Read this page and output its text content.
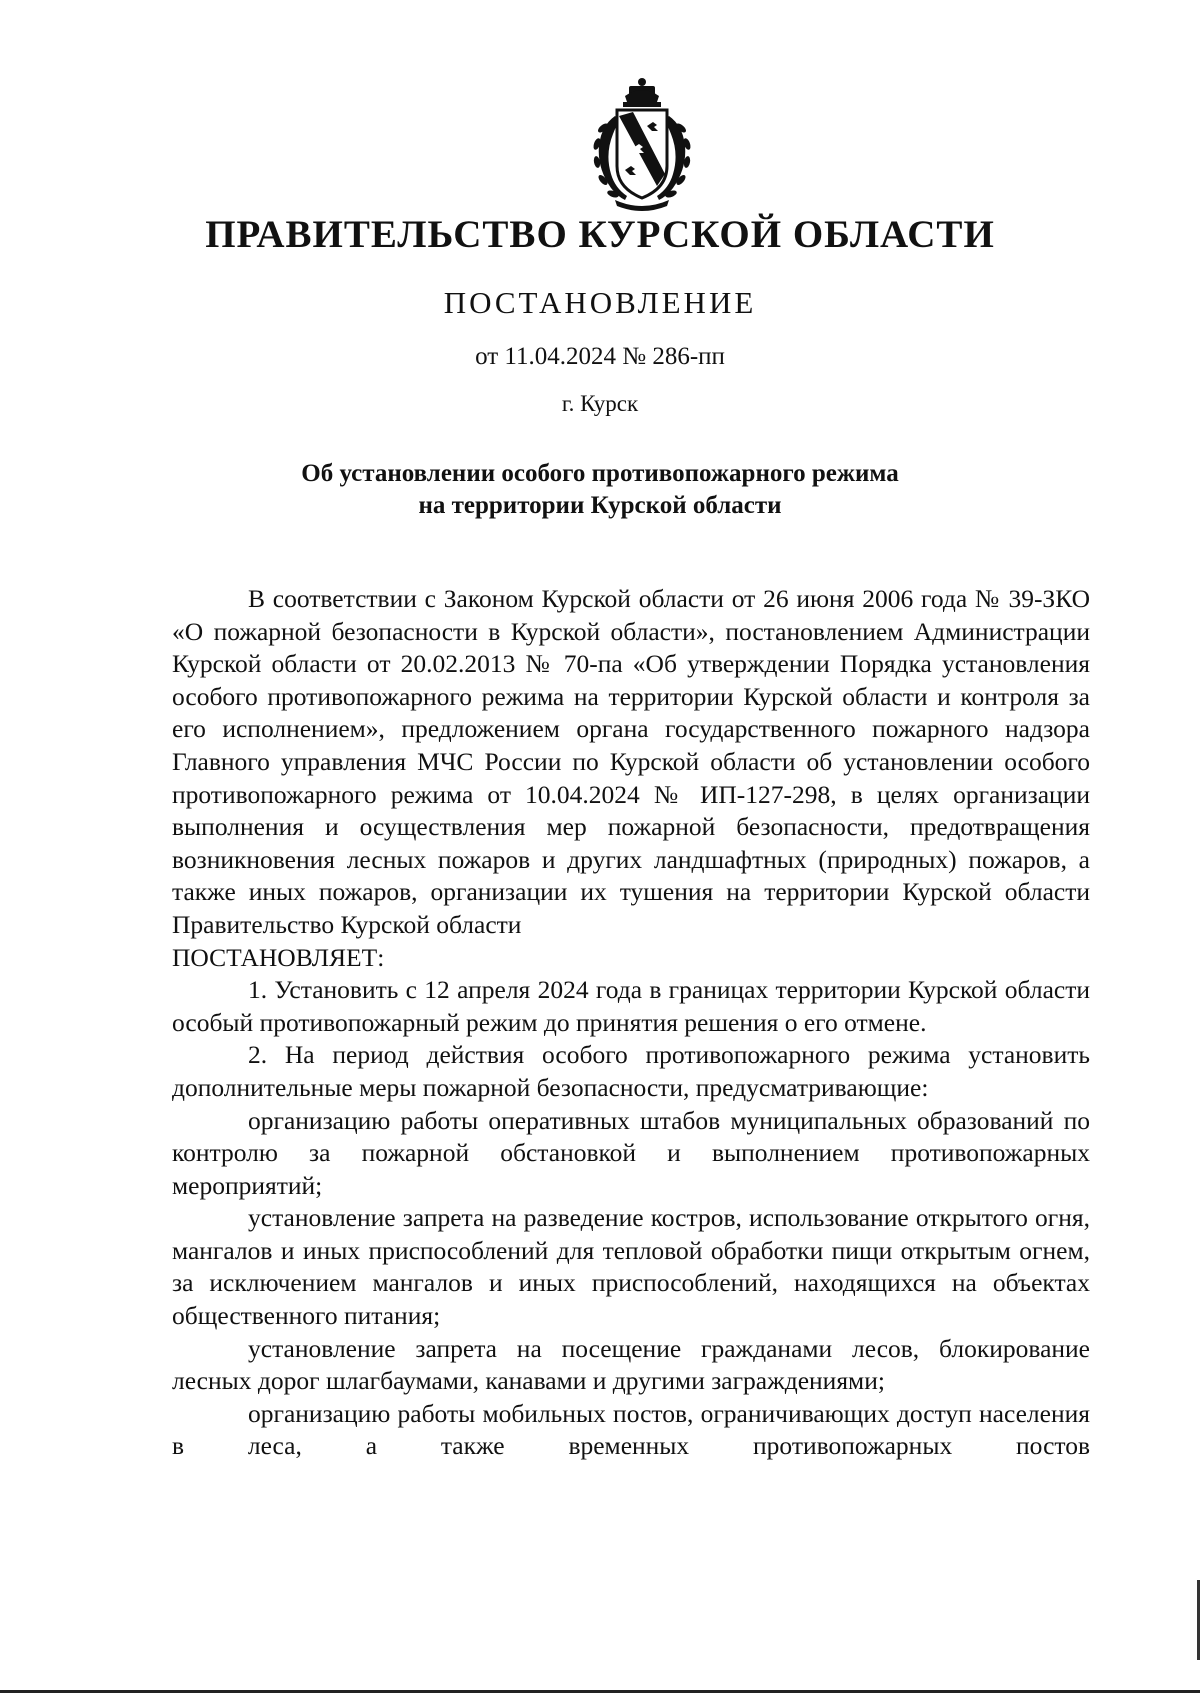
ПРАВИТЕЛЬСТВО КУРСКОЙ ОБЛАСТИ
ПОСТАНОВЛЕНИЕ
от 11.04.2024 № 286-пп
г. Курск
Об установлении особого противопожарного режима
на территории Курской области

В соответствии с Законом Курской области от 26 июня 2006 года № 39-ЗКО «О пожарной безопасности в Курской области», постановлением Администрации Курской области от 20.02.2013 № 70-па «Об утверждении Порядка установления особого противопожарного режима на территории Курской области и контроля за его исполнением», предложением органа государственного пожарного надзора Главного управления МЧС России по Курской области об установлении особого противопожарного режима от 10.04.2024 № ИП-127-298, в целях организации выполнения и осуществления мер пожарной безопасности, предотвращения возникновения лесных пожаров и других ландшафтных (природных) пожаров, а также иных пожаров, организации их тушения на территории Курской области Правительство Курской области

ПОСТАНОВЛЯЕТ:

1. Установить с 12 апреля 2024 года в границах территории Курской области особый противопожарный режим до принятия решения о его отмене.

2. На период действия особого противопожарного режима установить дополнительные меры пожарной безопасности, предусматривающие:

организацию работы оперативных штабов муниципальных образований по контролю за пожарной обстановкой и выполнением противопожарных мероприятий;

установление запрета на разведение костров, использование открытого огня, мангалов и иных приспособлений для тепловой обработки пищи открытым огнем, за исключением мангалов и иных приспособлений, находящихся на объектах общественного питания;

установление запрета на посещение гражданами лесов, блокирование лесных дорог шлагбаумами, канавами и другими заграждениями;

организацию работы мобильных постов, ограничивающих доступ населения в леса, а также временных противопожарных постов
